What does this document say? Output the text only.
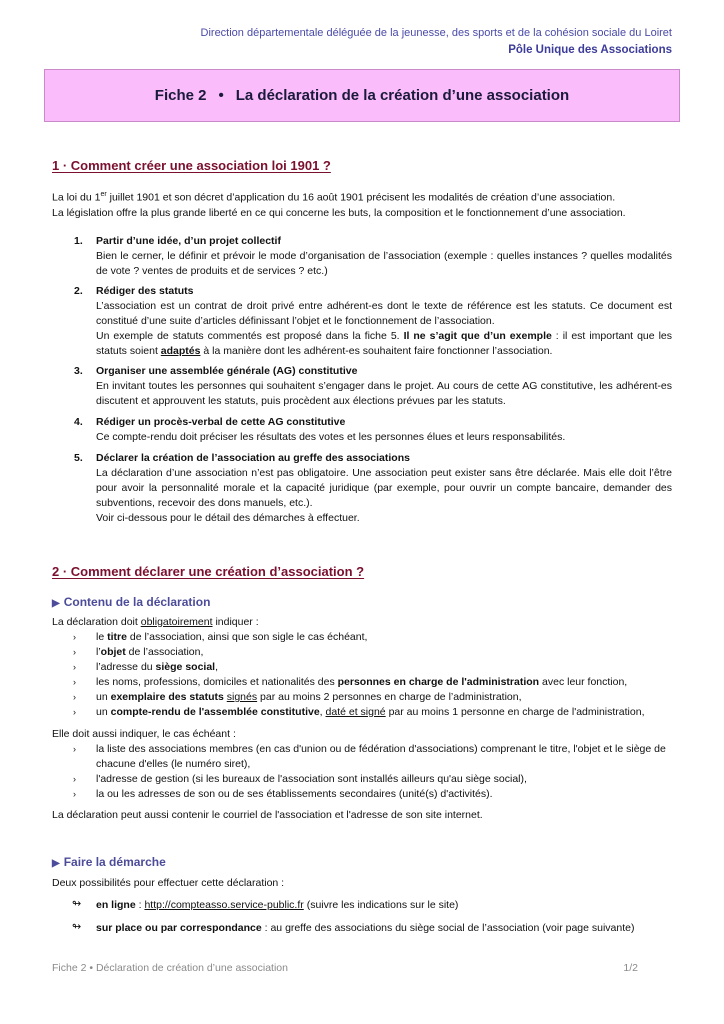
Direction départementale déléguée de la jeunesse, des sports et de la cohésion sociale du Loiret
Pôle Unique des Associations
Fiche 2 • La déclaration de la création d’une association
1 · Comment créer une association loi 1901 ?
La loi du 1er juillet 1901 et son décret d’application du 16 août 1901 précisent les modalités de création d’une association.
La législation offre la plus grande liberté en ce qui concerne les buts, la composition et le fonctionnement d’une association.
1. Partir d’une idée, d’un projet collectif
Bien le cerner, le définir et prévoir le mode d’organisation de l’association (exemple : quelles instances ? quelles modalités de vote ? ventes de produits et de services ? etc.)
2. Rédiger des statuts
L’association est un contrat de droit privé entre adhérent-es dont le texte de référence est les statuts. Ce document est constitué d’une suite d’articles définissant l’objet et le fonctionnement de l’association.
Un exemple de statuts commentés est proposé dans la fiche 5. Il ne s’agit que d’un exemple : il est important que les statuts soient adaptés à la manière dont les adhérent-es souhaitent faire fonctionner l’association.
3. Organiser une assemblée générale (AG) constitutive
En invitant toutes les personnes qui souhaitent s’engager dans le projet. Au cours de cette AG constitutive, les adhérent-es discutent et approuvent les statuts, puis procèdent aux élections prévues par les statuts.
4. Rédiger un procès-verbal de cette AG constitutive
Ce compte-rendu doit préciser les résultats des votes et les personnes élues et leurs responsabilités.
5. Déclarer la création de l’association au greffe des associations
La déclaration d’une association n’est pas obligatoire. Une association peut exister sans être déclarée. Mais elle doit l’être pour avoir la personnalité morale et la capacité juridique (par exemple, pour ouvrir un compte bancaire, demander des subventions, recevoir des dons manuels, etc.).
Voir ci-dessous pour le détail des démarches à effectuer.
2 · Comment déclarer une création d’association ?
▶ Contenu de la déclaration
La déclaration doit obligatoirement indiquer :
› le titre de l’association, ainsi que son sigle le cas échéant,
› l’objet de l’association,
› l’adresse du siège social,
› les noms, professions, domiciles et nationalités des personnes en charge de l'administration avec leur fonction,
› un exemplaire des statuts signés par au moins 2 personnes en charge de l’administration,
› un compte-rendu de l'assemblée constitutive, daté et signé par au moins 1 personne en charge de l'administration,
Elle doit aussi indiquer, le cas échéant :
› la liste des associations membres (en cas d'union ou de fédération d'associations) comprenant le titre, l'objet et le siège de chacune d'elles (le numéro siret),
› l'adresse de gestion (si les bureaux de l'association sont installés ailleurs qu'au siège social),
› la ou les adresses de son ou de ses établissements secondaires (unité(s) d'activités).
La déclaration peut aussi contenir le courriel de l'association et l'adresse de son site internet.
▶ Faire la démarche
Deux possibilités pour effectuer cette déclaration :
↬ en ligne : http://compteasso.service-public.fr (suivre les indications sur le site)
↬ sur place ou par correspondance : au greffe des associations du siège social de l’association (voir page suivante)
Fiche 2 • Déclaration de création d’une association	1/2
